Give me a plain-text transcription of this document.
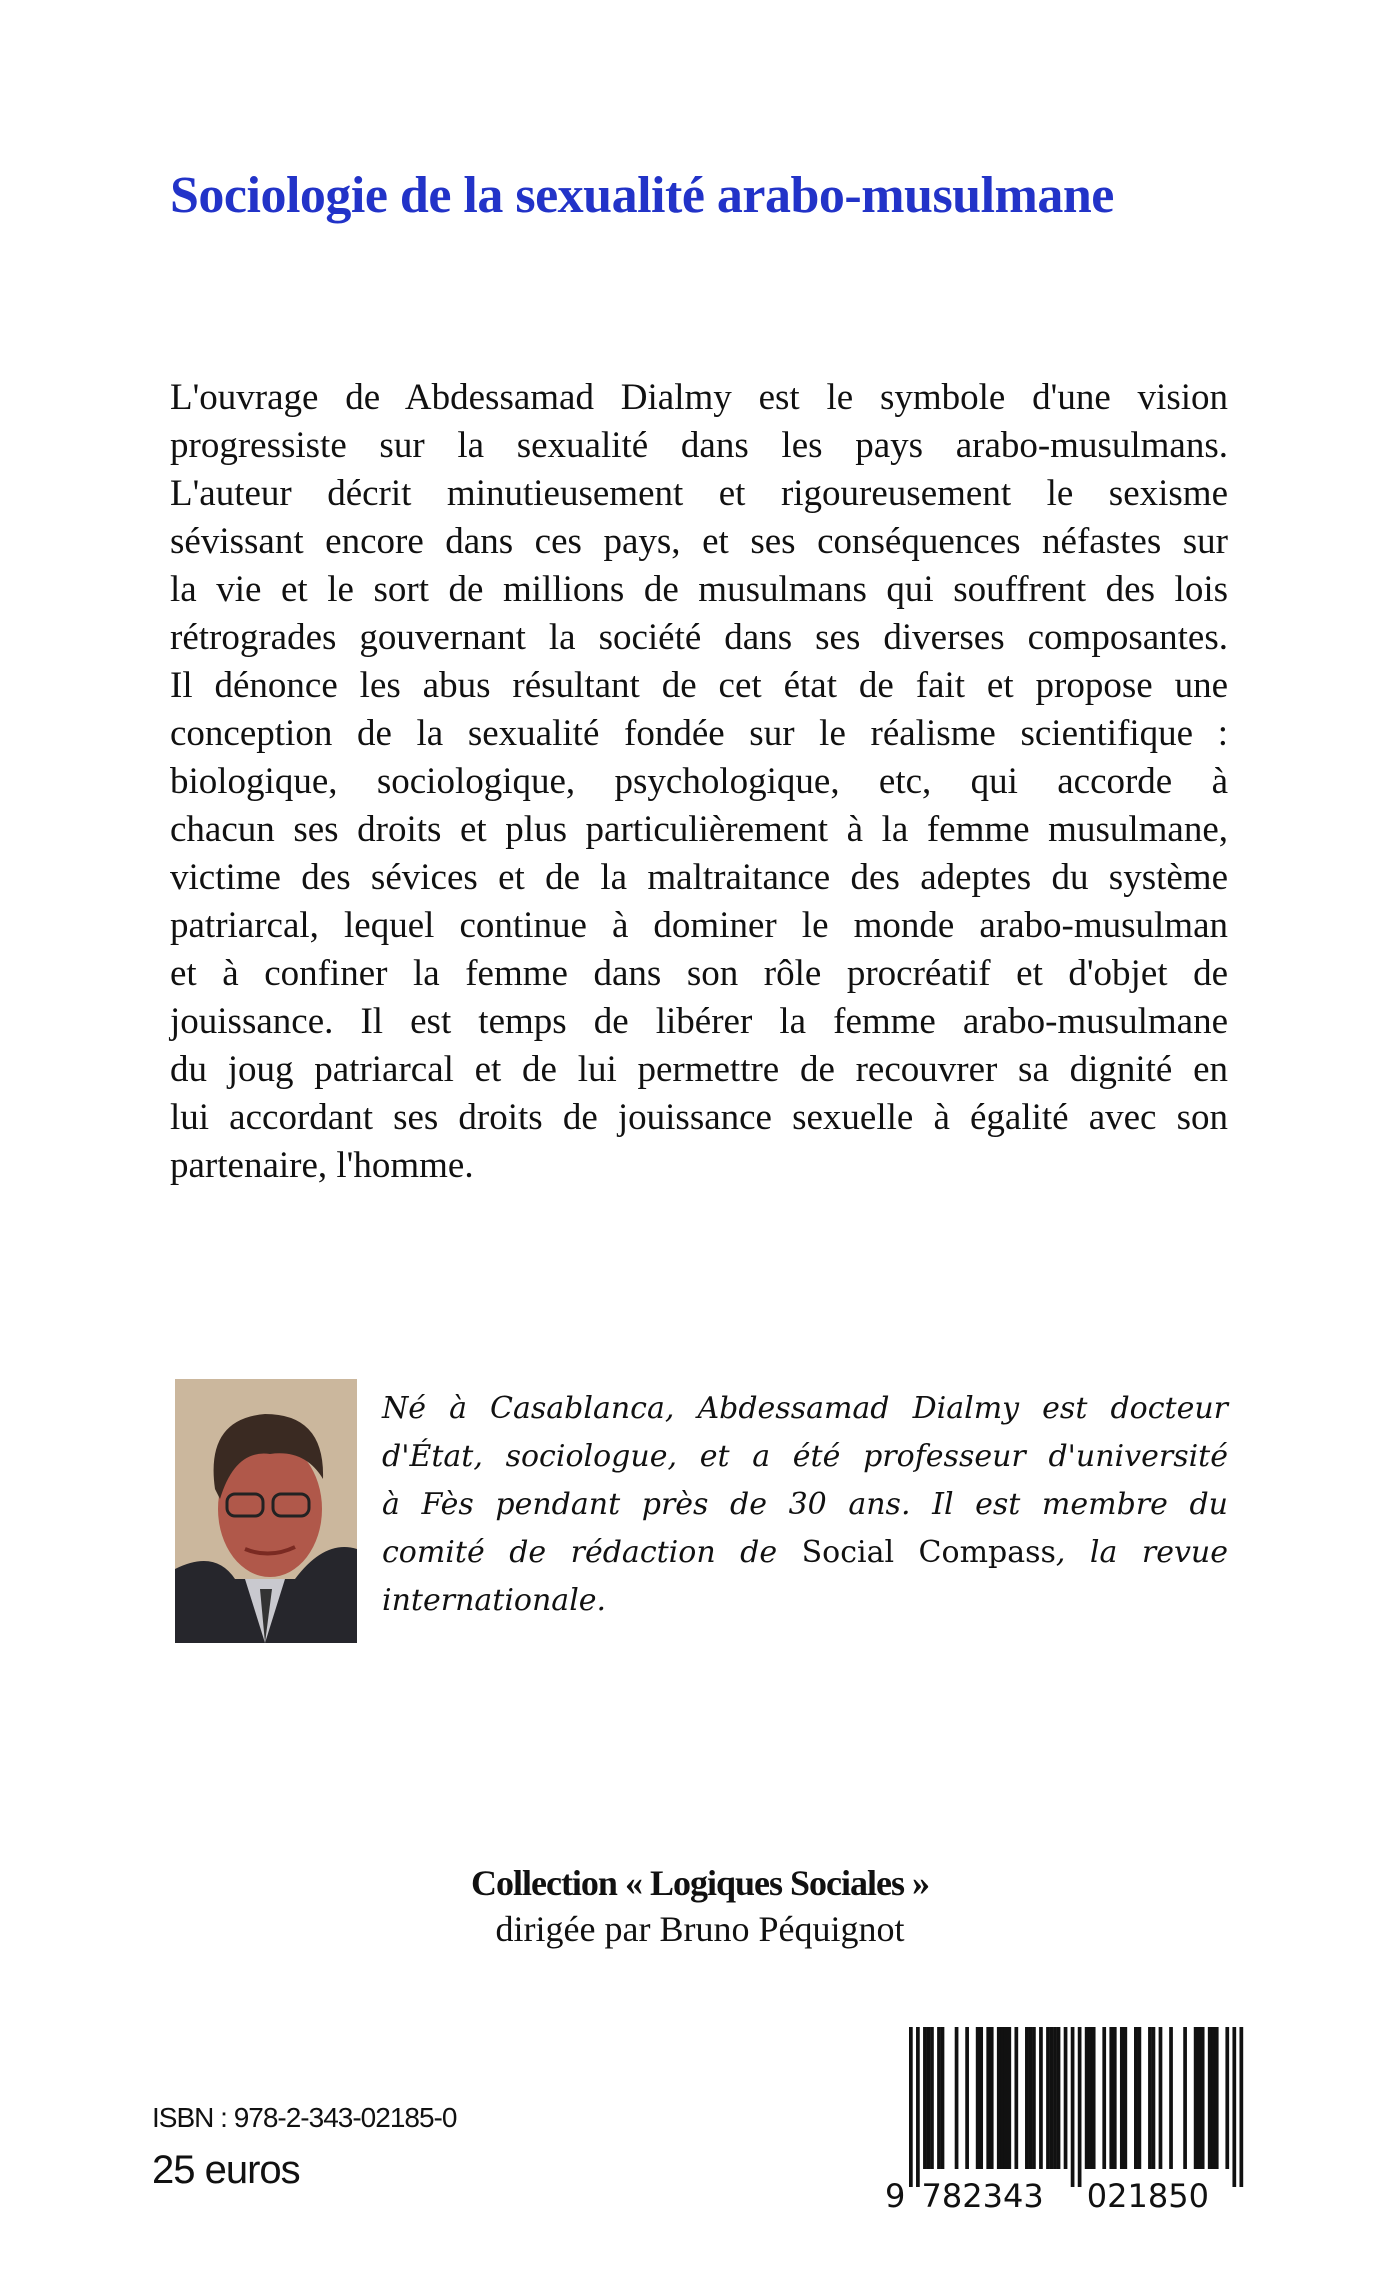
Sociologie de la sexualité arabo-musulmane
L'ouvrage de Abdessamad Dialmy est le symbole d'une vision
progressiste sur la sexualité dans les pays arabo-musulmans.
L'auteur décrit minutieusement et rigoureusement le sexisme
sévissant encore dans ces pays, et ses conséquences néfastes sur
la vie et le sort de millions de musulmans qui souffrent des lois
rétrogrades gouvernant la société dans ses diverses composantes.
Il dénonce les abus résultant de cet état de fait et propose une
conception de la sexualité fondée sur le réalisme scientifique :
biologique, sociologique, psychologique, etc, qui accorde à
chacun ses droits et plus particulièrement à la femme musulmane,
victime des sévices et de la maltraitance des adeptes du système
patriarcal, lequel continue à dominer le monde arabo-musulman
et à confiner la femme dans son rôle procréatif et d'objet de
jouissance. Il est temps de libérer la femme arabo-musulmane
du joug patriarcal et de lui permettre de recouvrer sa dignité en
lui accordant ses droits de jouissance sexuelle à égalité avec son
partenaire, l'homme.
Né à Casablanca, Abdessamad Dialmy est docteur
d'État, sociologue, et a été professeur d'université
à Fès pendant près de 30 ans. Il est membre du
comité de rédaction de Social Compass, la revue
internationale.
Collection « Logiques Sociales »
dirigée par Bruno Péquignot
ISBN : 978-2-343-02185-0
25 euros
9 782343 021850
